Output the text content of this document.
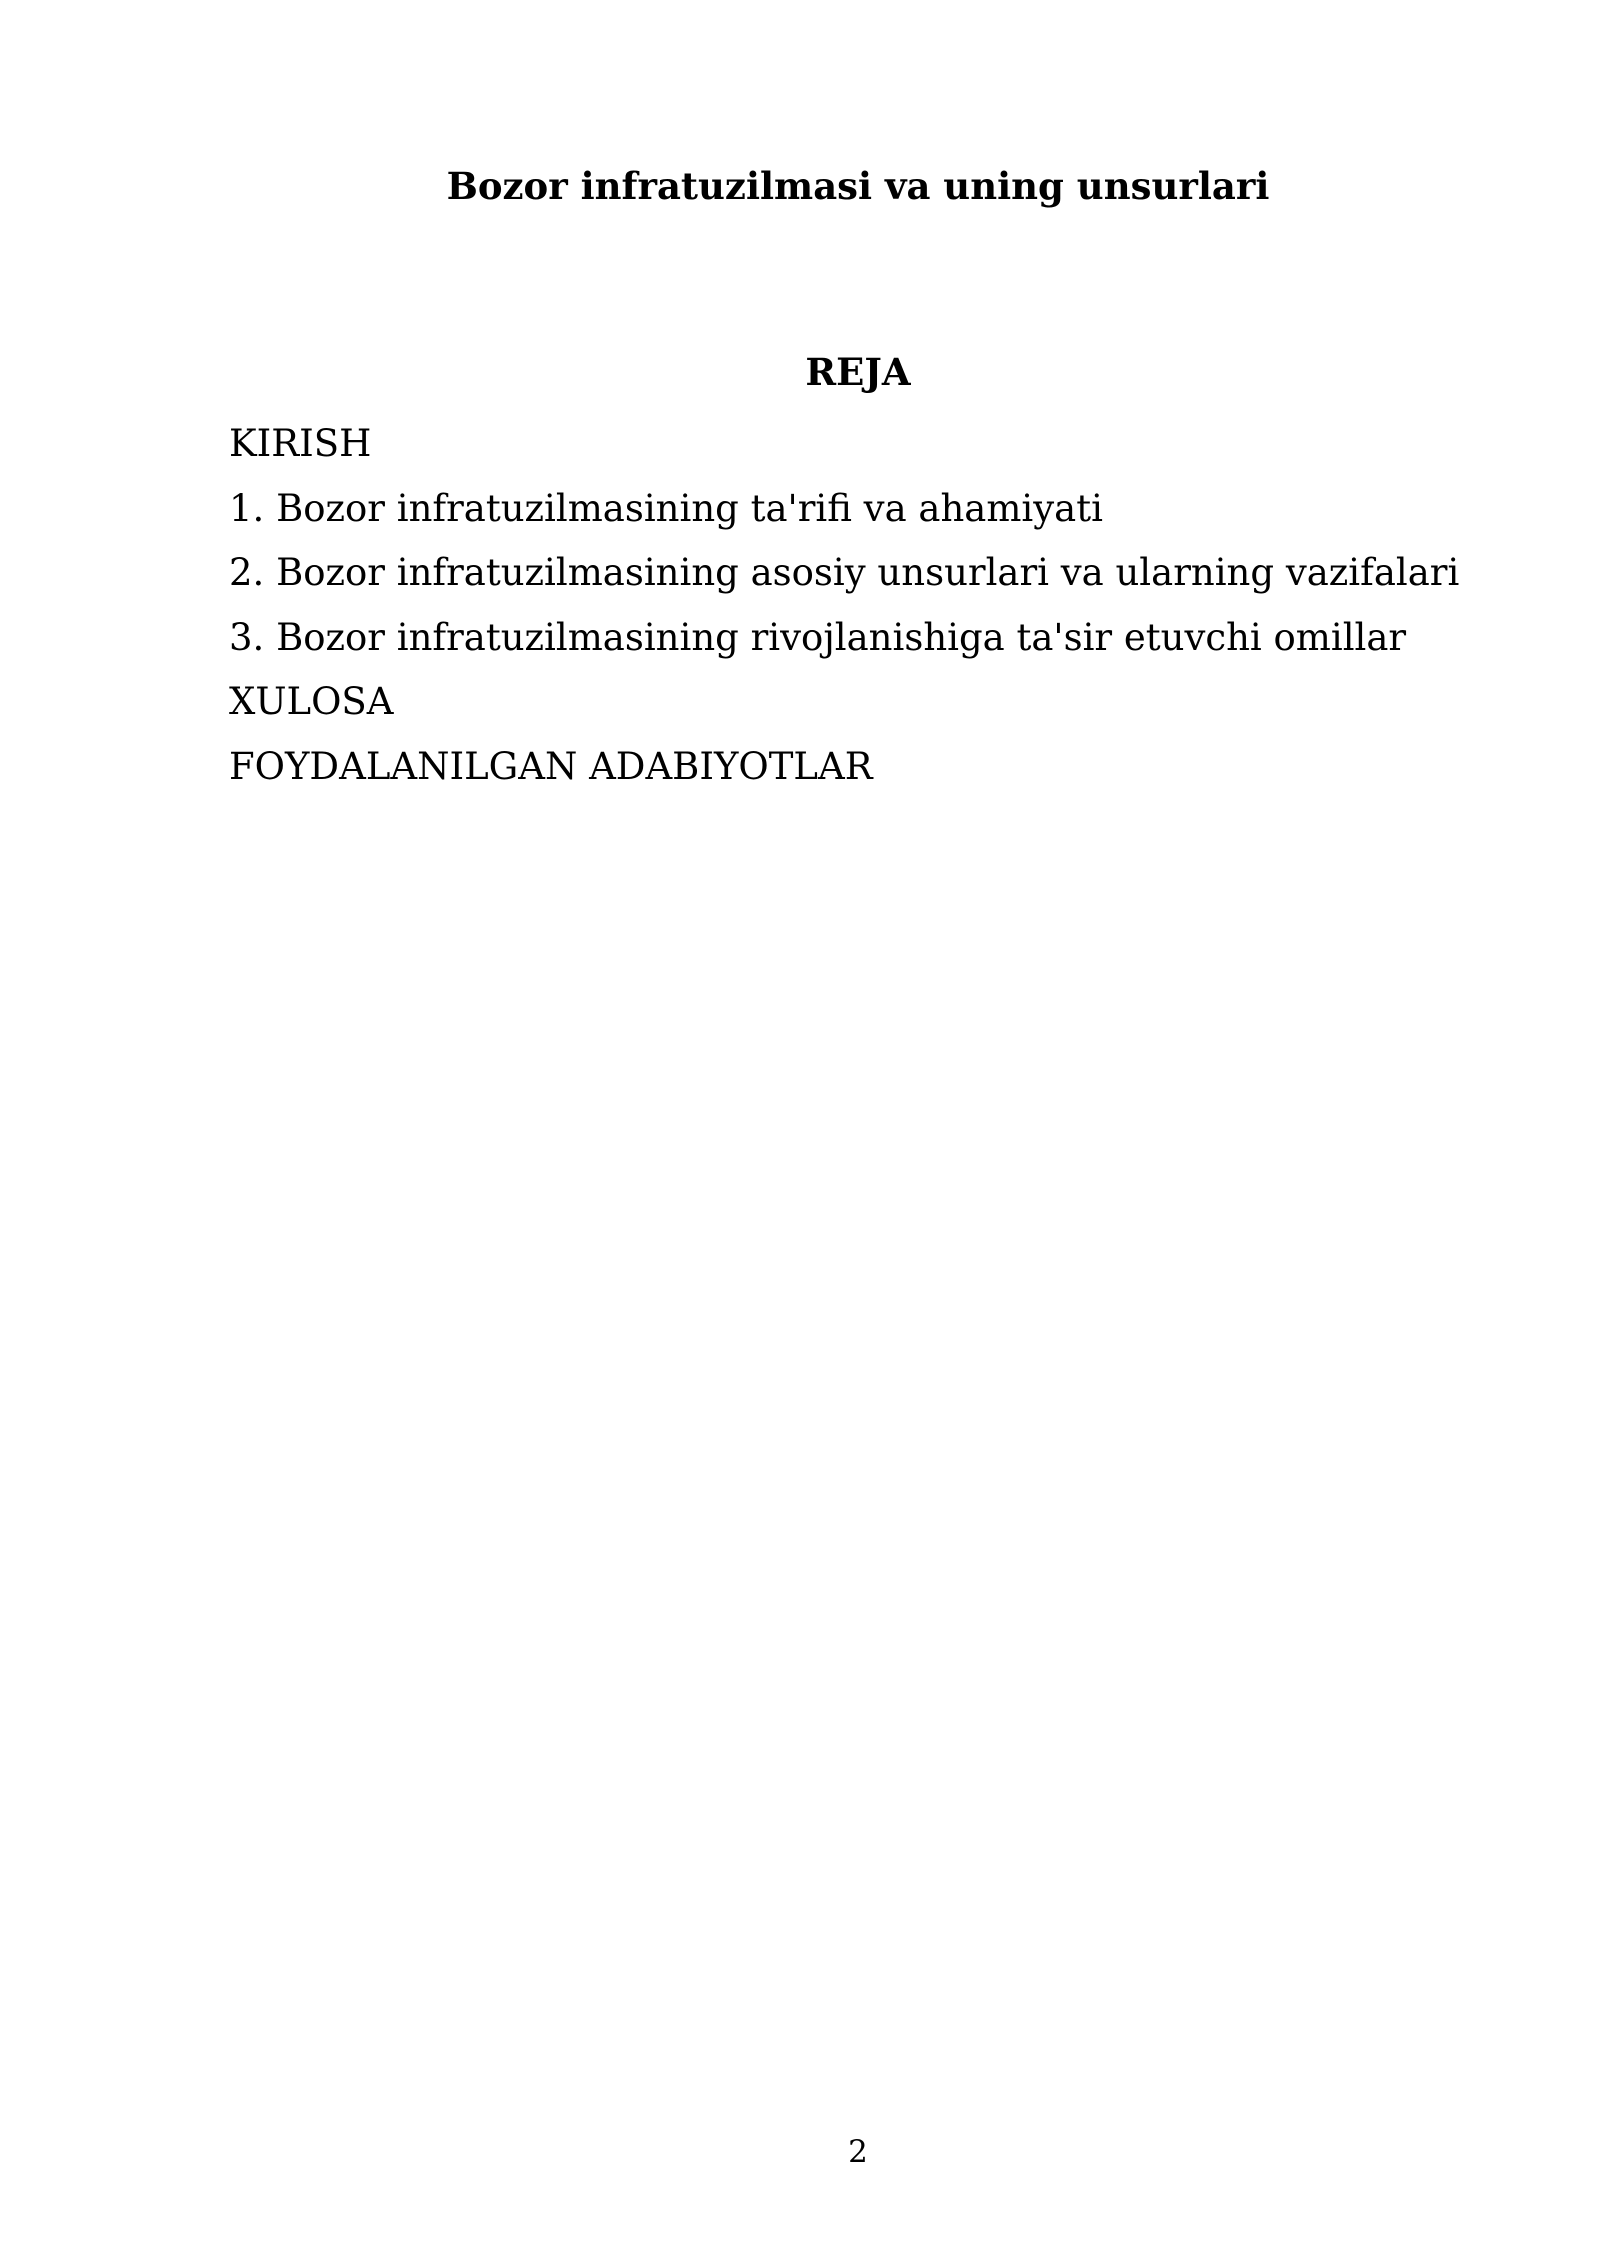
Bozor infratuzilmasi va uning unsurlari
REJA
KIRISH
1. Bozor infratuzilmasining ta'rifi va ahamiyati
2. Bozor infratuzilmasining asosiy unsurlari va ularning vazifalari
3. Bozor infratuzilmasining rivojlanishiga ta'sir etuvchi omillar
XULOSA
FOYDALANILGAN ADABIYOTLAR
2
